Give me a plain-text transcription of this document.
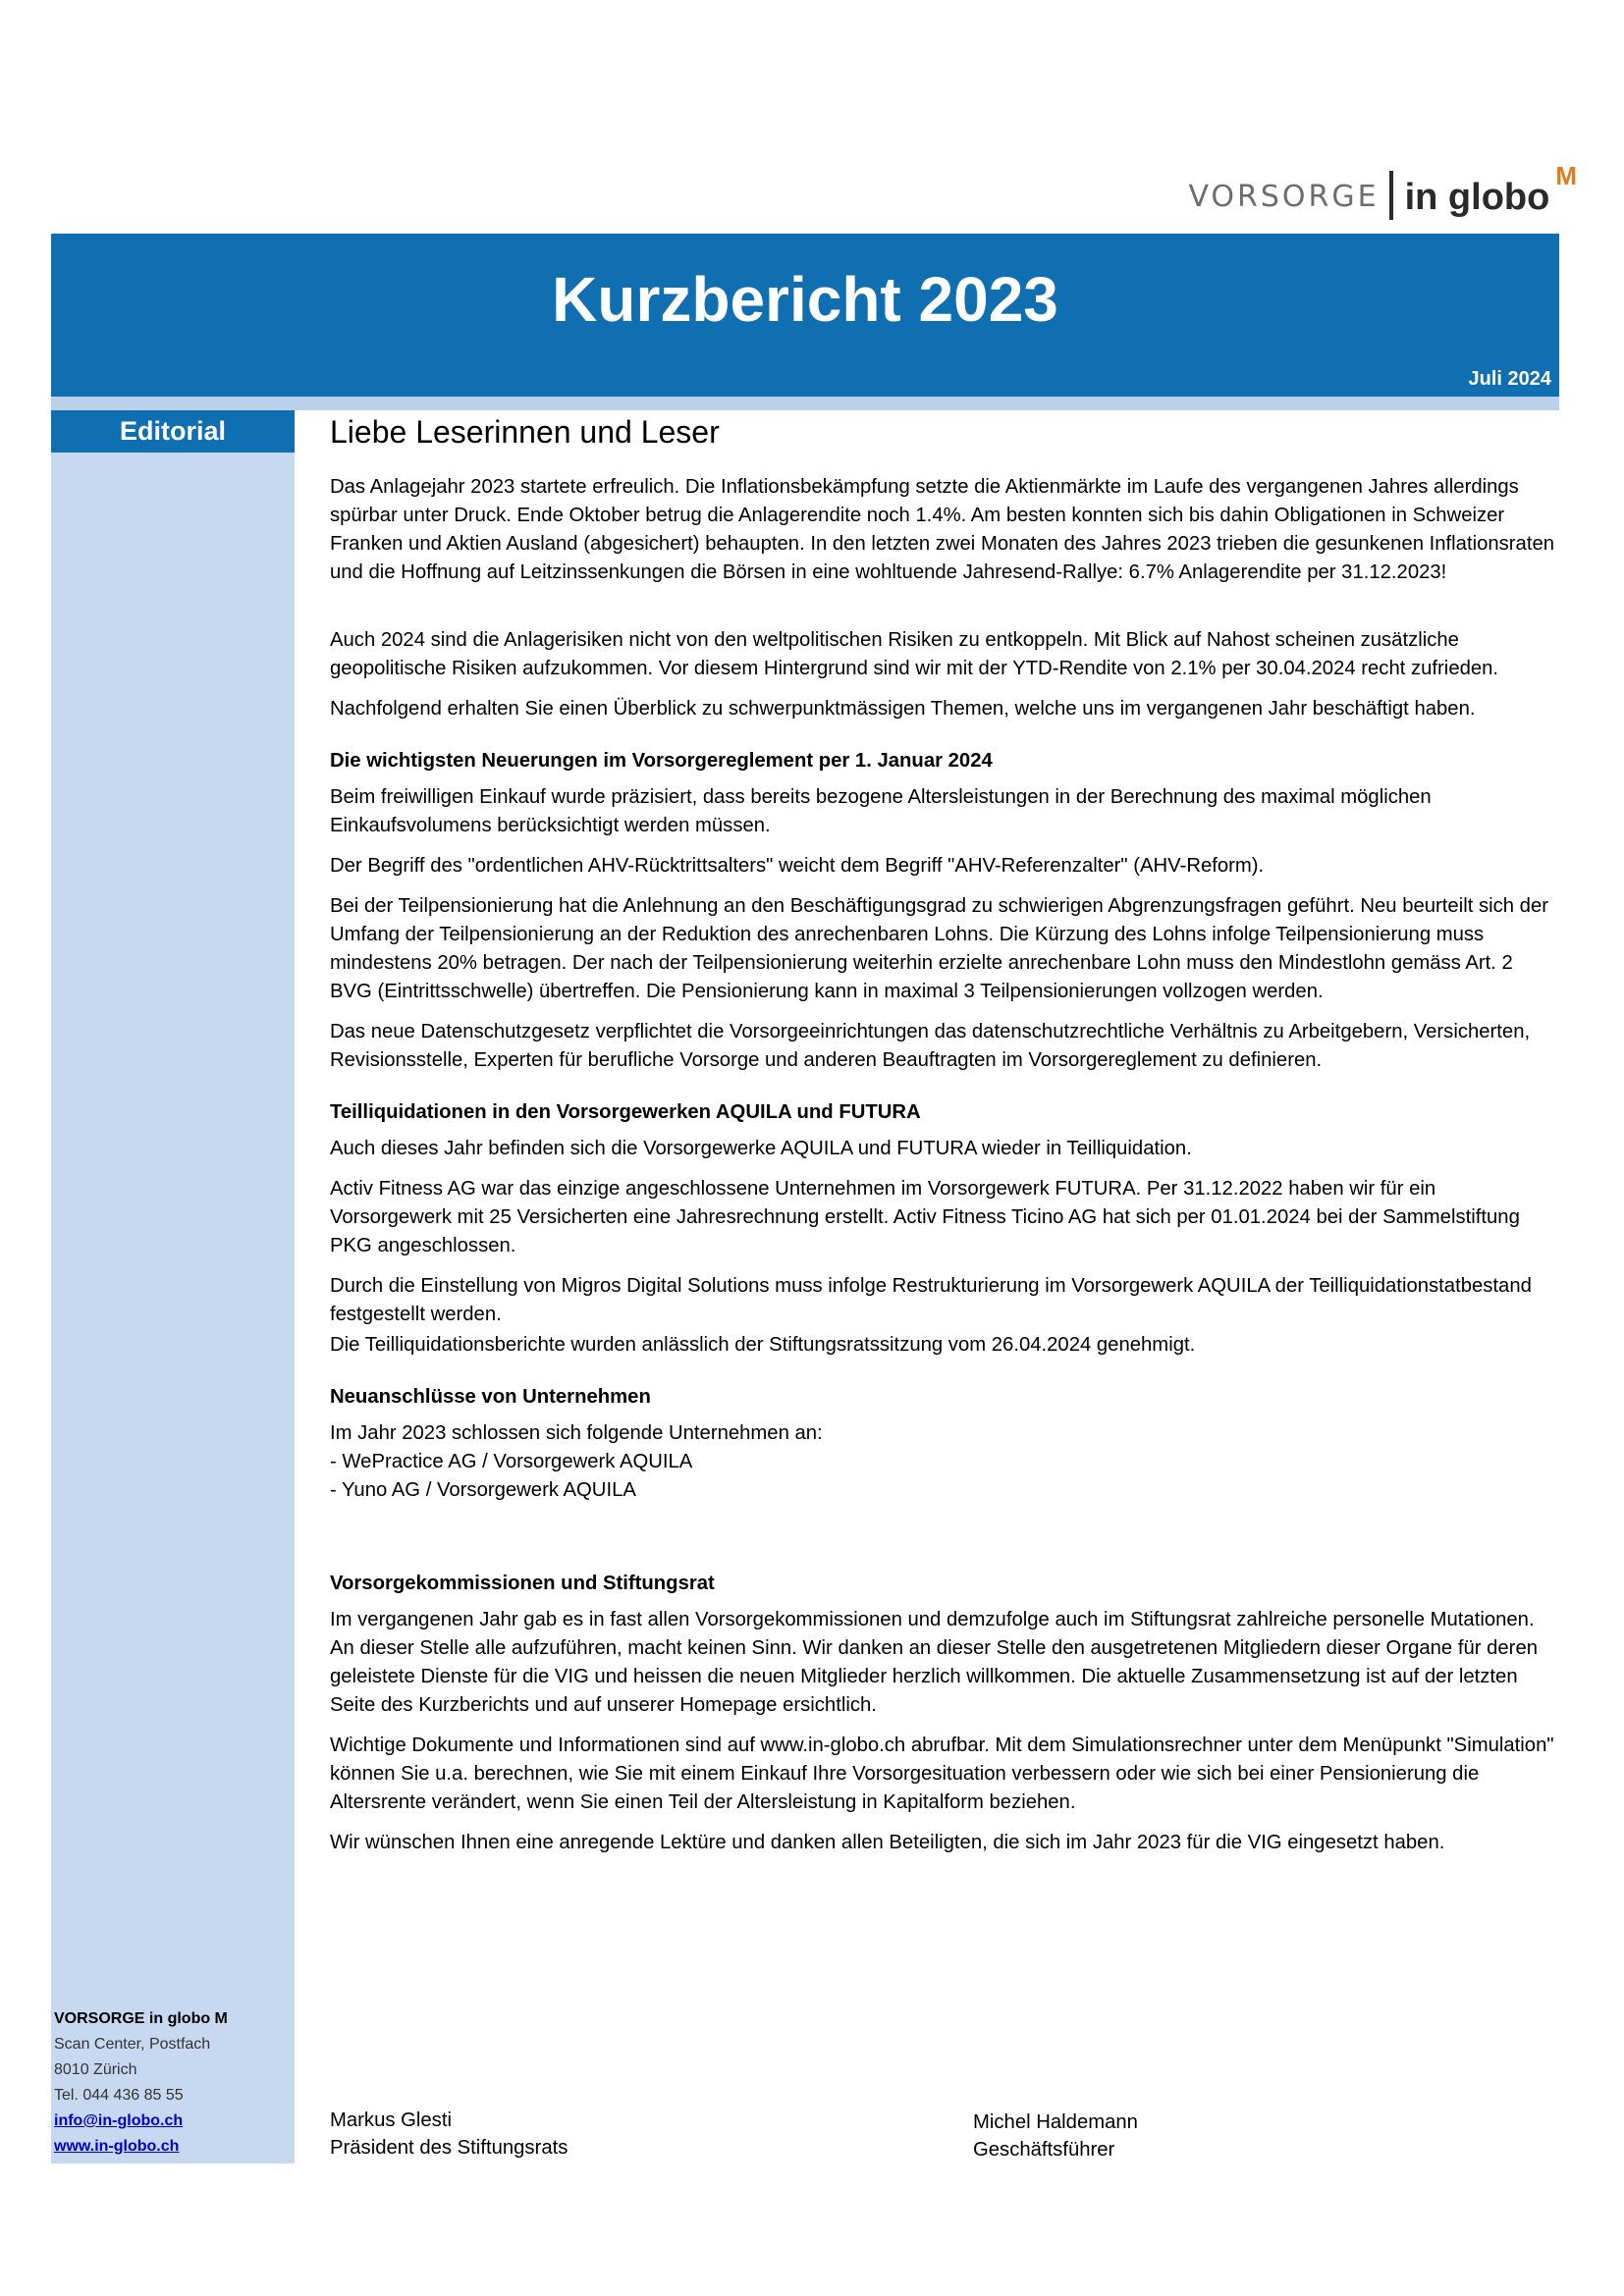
VORSORGE in globo
M
Kurzbericht 2023
Juli 2024
Editorial
VORSORGE in globo M
Scan Center, Postfach
8010 Zürich
Tel. 044 436 85 55
info@in-globo.ch
www.in-globo.ch
Liebe Leserinnen und Leser

Das Anlagejahr 2023 startete erfreulich. Die Inflationsbekämpfung setzte die Aktienmärkte im Laufe des vergangenen Jahres allerdings spürbar unter Druck. Ende Oktober betrug die Anlagerendite noch 1.4%. Am besten konnten sich bis dahin Obligationen in Schweizer Franken und Aktien Ausland (abgesichert) behaupten. In den letzten zwei Monaten des Jahres 2023 trieben die gesunkenen Inflationsraten und die Hoffnung auf Leitzinssenkungen die Börsen in eine wohltuende Jahresend-Rallye: 6.7% Anlagerendite per 31.12.2023!

Auch 2024 sind die Anlagerisiken nicht von den weltpolitischen Risiken zu entkoppeln. Mit Blick auf Nahost scheinen zusätzliche geopolitische Risiken aufzukommen. Vor diesem Hintergrund sind wir mit der YTD-Rendite von 2.1% per 30.04.2024 recht zufrieden.

Nachfolgend erhalten Sie einen Überblick zu schwerpunktmässigen Themen, welche uns im vergangenen Jahr beschäftigt haben.

Die wichtigsten Neuerungen im Vorsorgereglement per 1. Januar 2024

Beim freiwilligen Einkauf wurde präzisiert, dass bereits bezogene Altersleistungen in der Berechnung des maximal möglichen Einkaufsvolumens berücksichtigt werden müssen.

Der Begriff des "ordentlichen AHV-Rücktrittsalters" weicht dem Begriff "AHV-Referenzalter" (AHV-Reform).

Bei der Teilpensionierung hat die Anlehnung an den Beschäftigungsgrad zu schwierigen Abgrenzungsfragen geführt. Neu beurteilt sich der Umfang der Teilpensionierung an der Reduktion des anrechenbaren Lohns. Die Kürzung des Lohns infolge Teilpensionierung muss mindestens 20% betragen. Der nach der Teilpensionierung weiterhin erzielte anrechenbare Lohn muss den Mindestlohn gemäss Art. 2 BVG (Eintrittsschwelle) übertreffen. Die Pensionierung kann in maximal 3 Teilpensionierungen vollzogen werden.

Das neue Datenschutzgesetz verpflichtet die Vorsorgeeinrichtungen das datenschutzrechtliche Verhältnis zu Arbeitgebern, Versicherten, Revisionsstelle, Experten für berufliche Vorsorge und anderen Beauftragten im Vorsorgereglement zu definieren.

Teilliquidationen in den Vorsorgewerken AQUILA und FUTURA

Auch dieses Jahr befinden sich die Vorsorgewerke AQUILA und FUTURA wieder in Teilliquidation.

Activ Fitness AG war das einzige angeschlossene Unternehmen im Vorsorgewerk FUTURA. Per 31.12.2022 haben wir für ein Vorsorgewerk mit 25 Versicherten eine Jahresrechnung erstellt. Activ Fitness Ticino AG hat sich per 01.01.2024 bei der Sammelstiftung PKG angeschlossen.

Durch die Einstellung von Migros Digital Solutions muss infolge Restrukturierung im Vorsorgewerk AQUILA der Teilliquidationstatbestand festgestellt werden.

Die Teilliquidationsberichte wurden anlässlich der Stiftungsratssitzung vom 26.04.2024 genehmigt.

Neuanschlüsse von Unternehmen

Im Jahr 2023 schlossen sich folgende Unternehmen an:

- WePractice AG / Vorsorgewerk AQUILA

- Yuno AG / Vorsorgewerk AQUILA

Vorsorgekommissionen und Stiftungsrat

Im vergangenen Jahr gab es in fast allen Vorsorgekommissionen und demzufolge auch im Stiftungsrat zahlreiche personelle Mutationen. An dieser Stelle alle aufzuführen, macht keinen Sinn. Wir danken an dieser Stelle den ausgetretenen Mitgliedern dieser Organe für deren geleistete Dienste für die VIG und heissen die neuen Mitglieder herzlich willkommen. Die aktuelle Zusammensetzung ist auf der letzten Seite des Kurzberichts und auf unserer Homepage ersichtlich.

Wichtige Dokumente und Informationen sind auf www.in-globo.ch abrufbar. Mit dem Simulationsrechner unter dem Menüpunkt "Simulation" können Sie u.a. berechnen, wie Sie mit einem Einkauf Ihre Vorsorgesituation verbessern oder wie sich bei einer Pensionierung die Altersrente verändert, wenn Sie einen Teil der Altersleistung in Kapitalform beziehen.

Wir wünschen Ihnen eine anregende Lektüre und danken allen Beteiligten, die sich im Jahr 2023 für die VIG eingesetzt haben.

Markus Glesti
Präsident des Stiftungsrats
Michel Haldemann
Geschäftsführer
